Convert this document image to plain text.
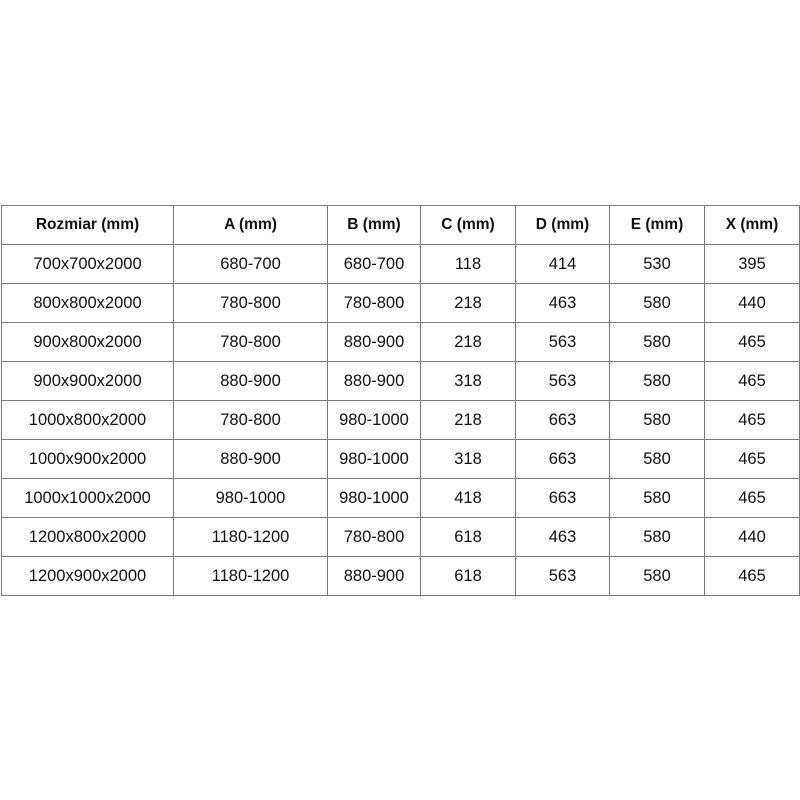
Rozmiar (mm)	A (mm)	B (mm)	C (mm)	D (mm)	E (mm)	X (mm)
700x700x2000	680-700	680-700	118	414	530	395
800x800x2000	780-800	780-800	218	463	580	440
900x800x2000	780-800	880-900	218	563	580	465
900x900x2000	880-900	880-900	318	563	580	465
1000x800x2000	780-800	980-1000	218	663	580	465
1000x900x2000	880-900	980-1000	318	663	580	465
1000x1000x2000	980-1000	980-1000	418	663	580	465
1200x800x2000	1180-1200	780-800	618	463	580	440
1200x900x2000	1180-1200	880-900	618	563	580	465
